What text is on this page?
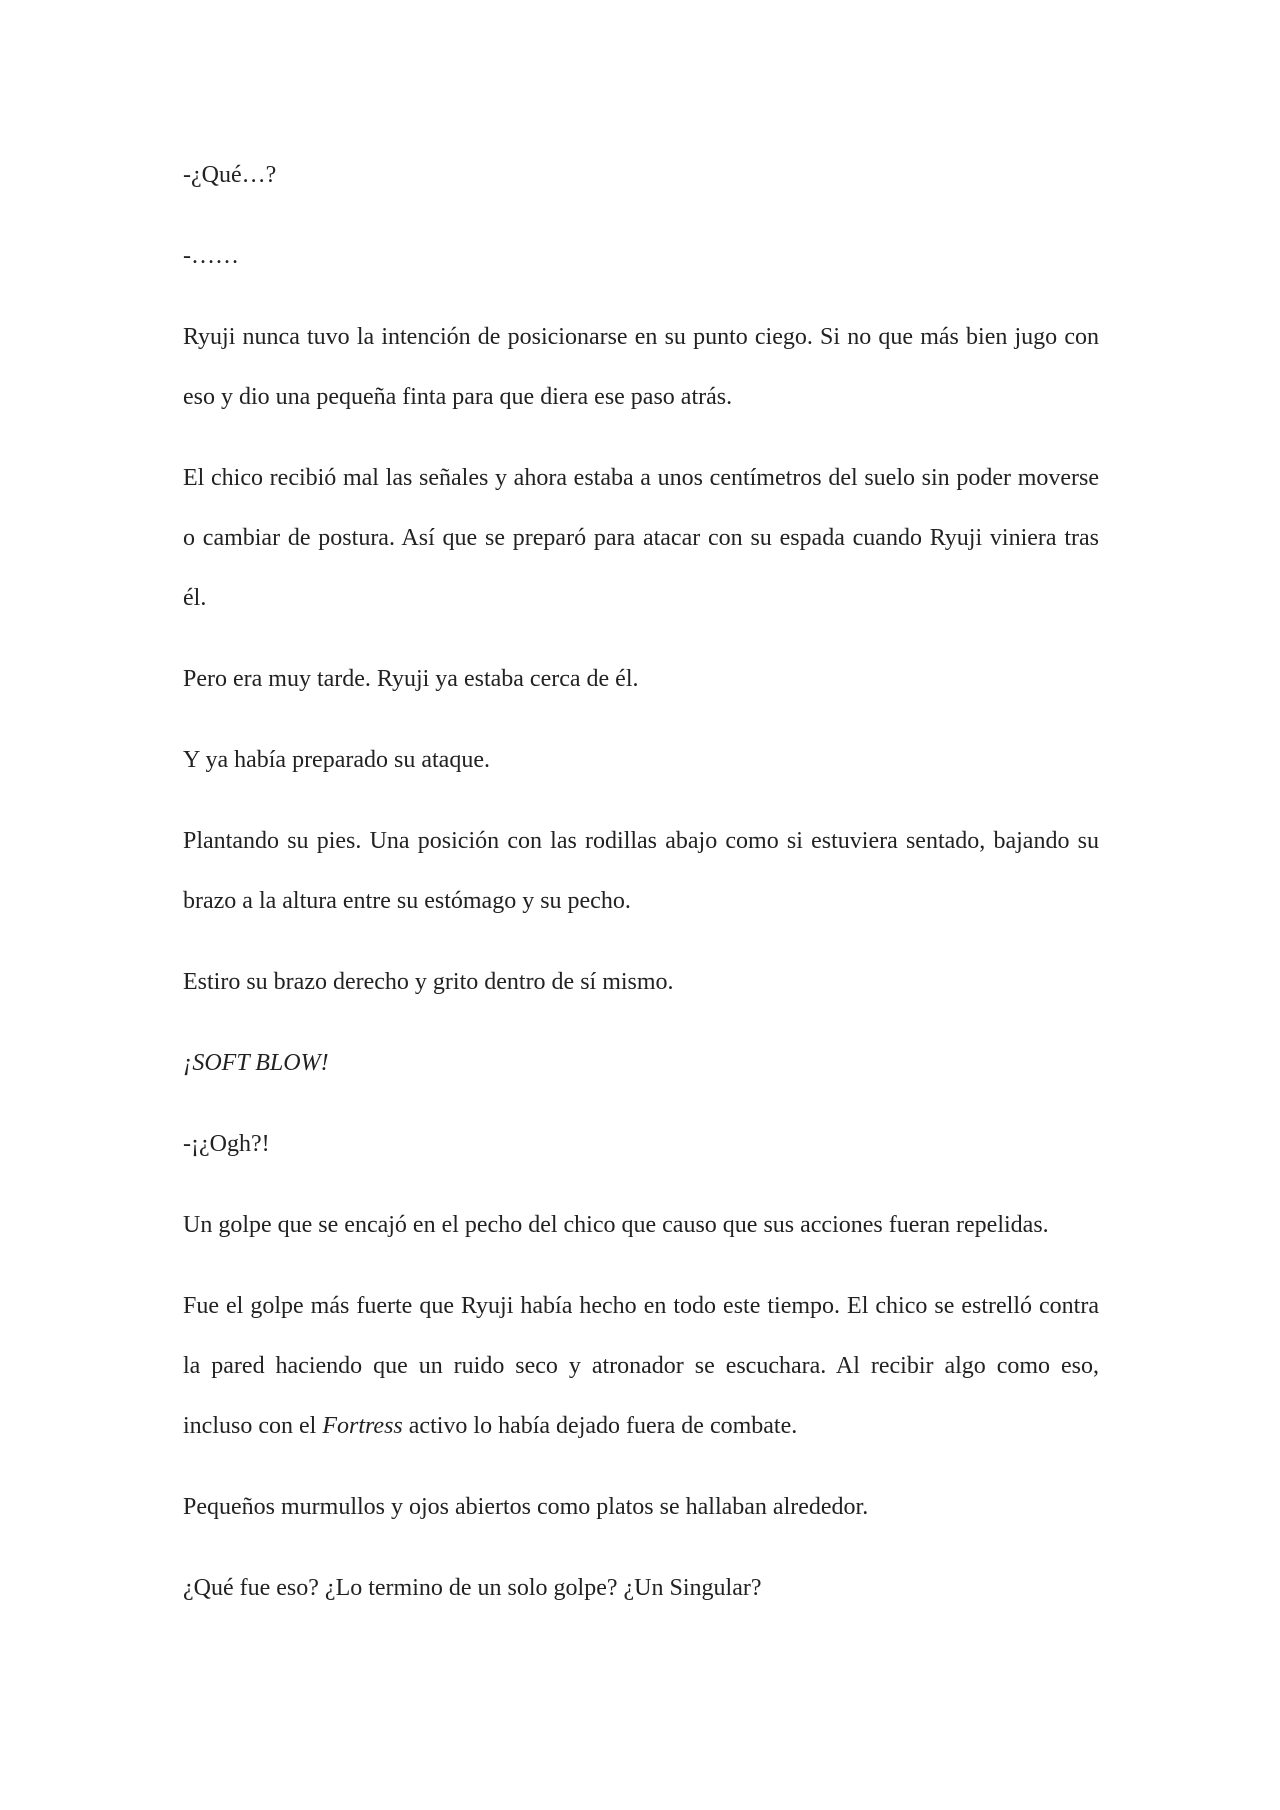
-¿Qué…?

-……

Ryuji nunca tuvo la intención de posicionarse en su punto ciego. Si no que más bien jugo con eso y dio una pequeña finta para que diera ese paso atrás.

El chico recibió mal las señales y ahora estaba a unos centímetros del suelo sin poder moverse o cambiar de postura. Así que se preparó para atacar con su espada cuando Ryuji viniera tras él.

Pero era muy tarde. Ryuji ya estaba cerca de él.

Y ya había preparado su ataque.

Plantando su pies. Una posición con las rodillas abajo como si estuviera sentado, bajando su brazo a la altura entre su estómago y su pecho.

Estiro su brazo derecho y grito dentro de sí mismo.

¡SOFT BLOW!

-¡¿Ogh?!

Un golpe que se encajó en el pecho del chico que causo que sus acciones fueran repelidas.

Fue el golpe más fuerte que Ryuji había hecho en todo este tiempo. El chico se estrelló contra la pared haciendo que un ruido seco y atronador se escuchara. Al recibir algo como eso, incluso con el Fortress activo lo había dejado fuera de combate.

Pequeños murmullos y ojos abiertos como platos se hallaban alrededor.

¿Qué fue eso? ¿Lo termino de un solo golpe? ¿Un Singular?
